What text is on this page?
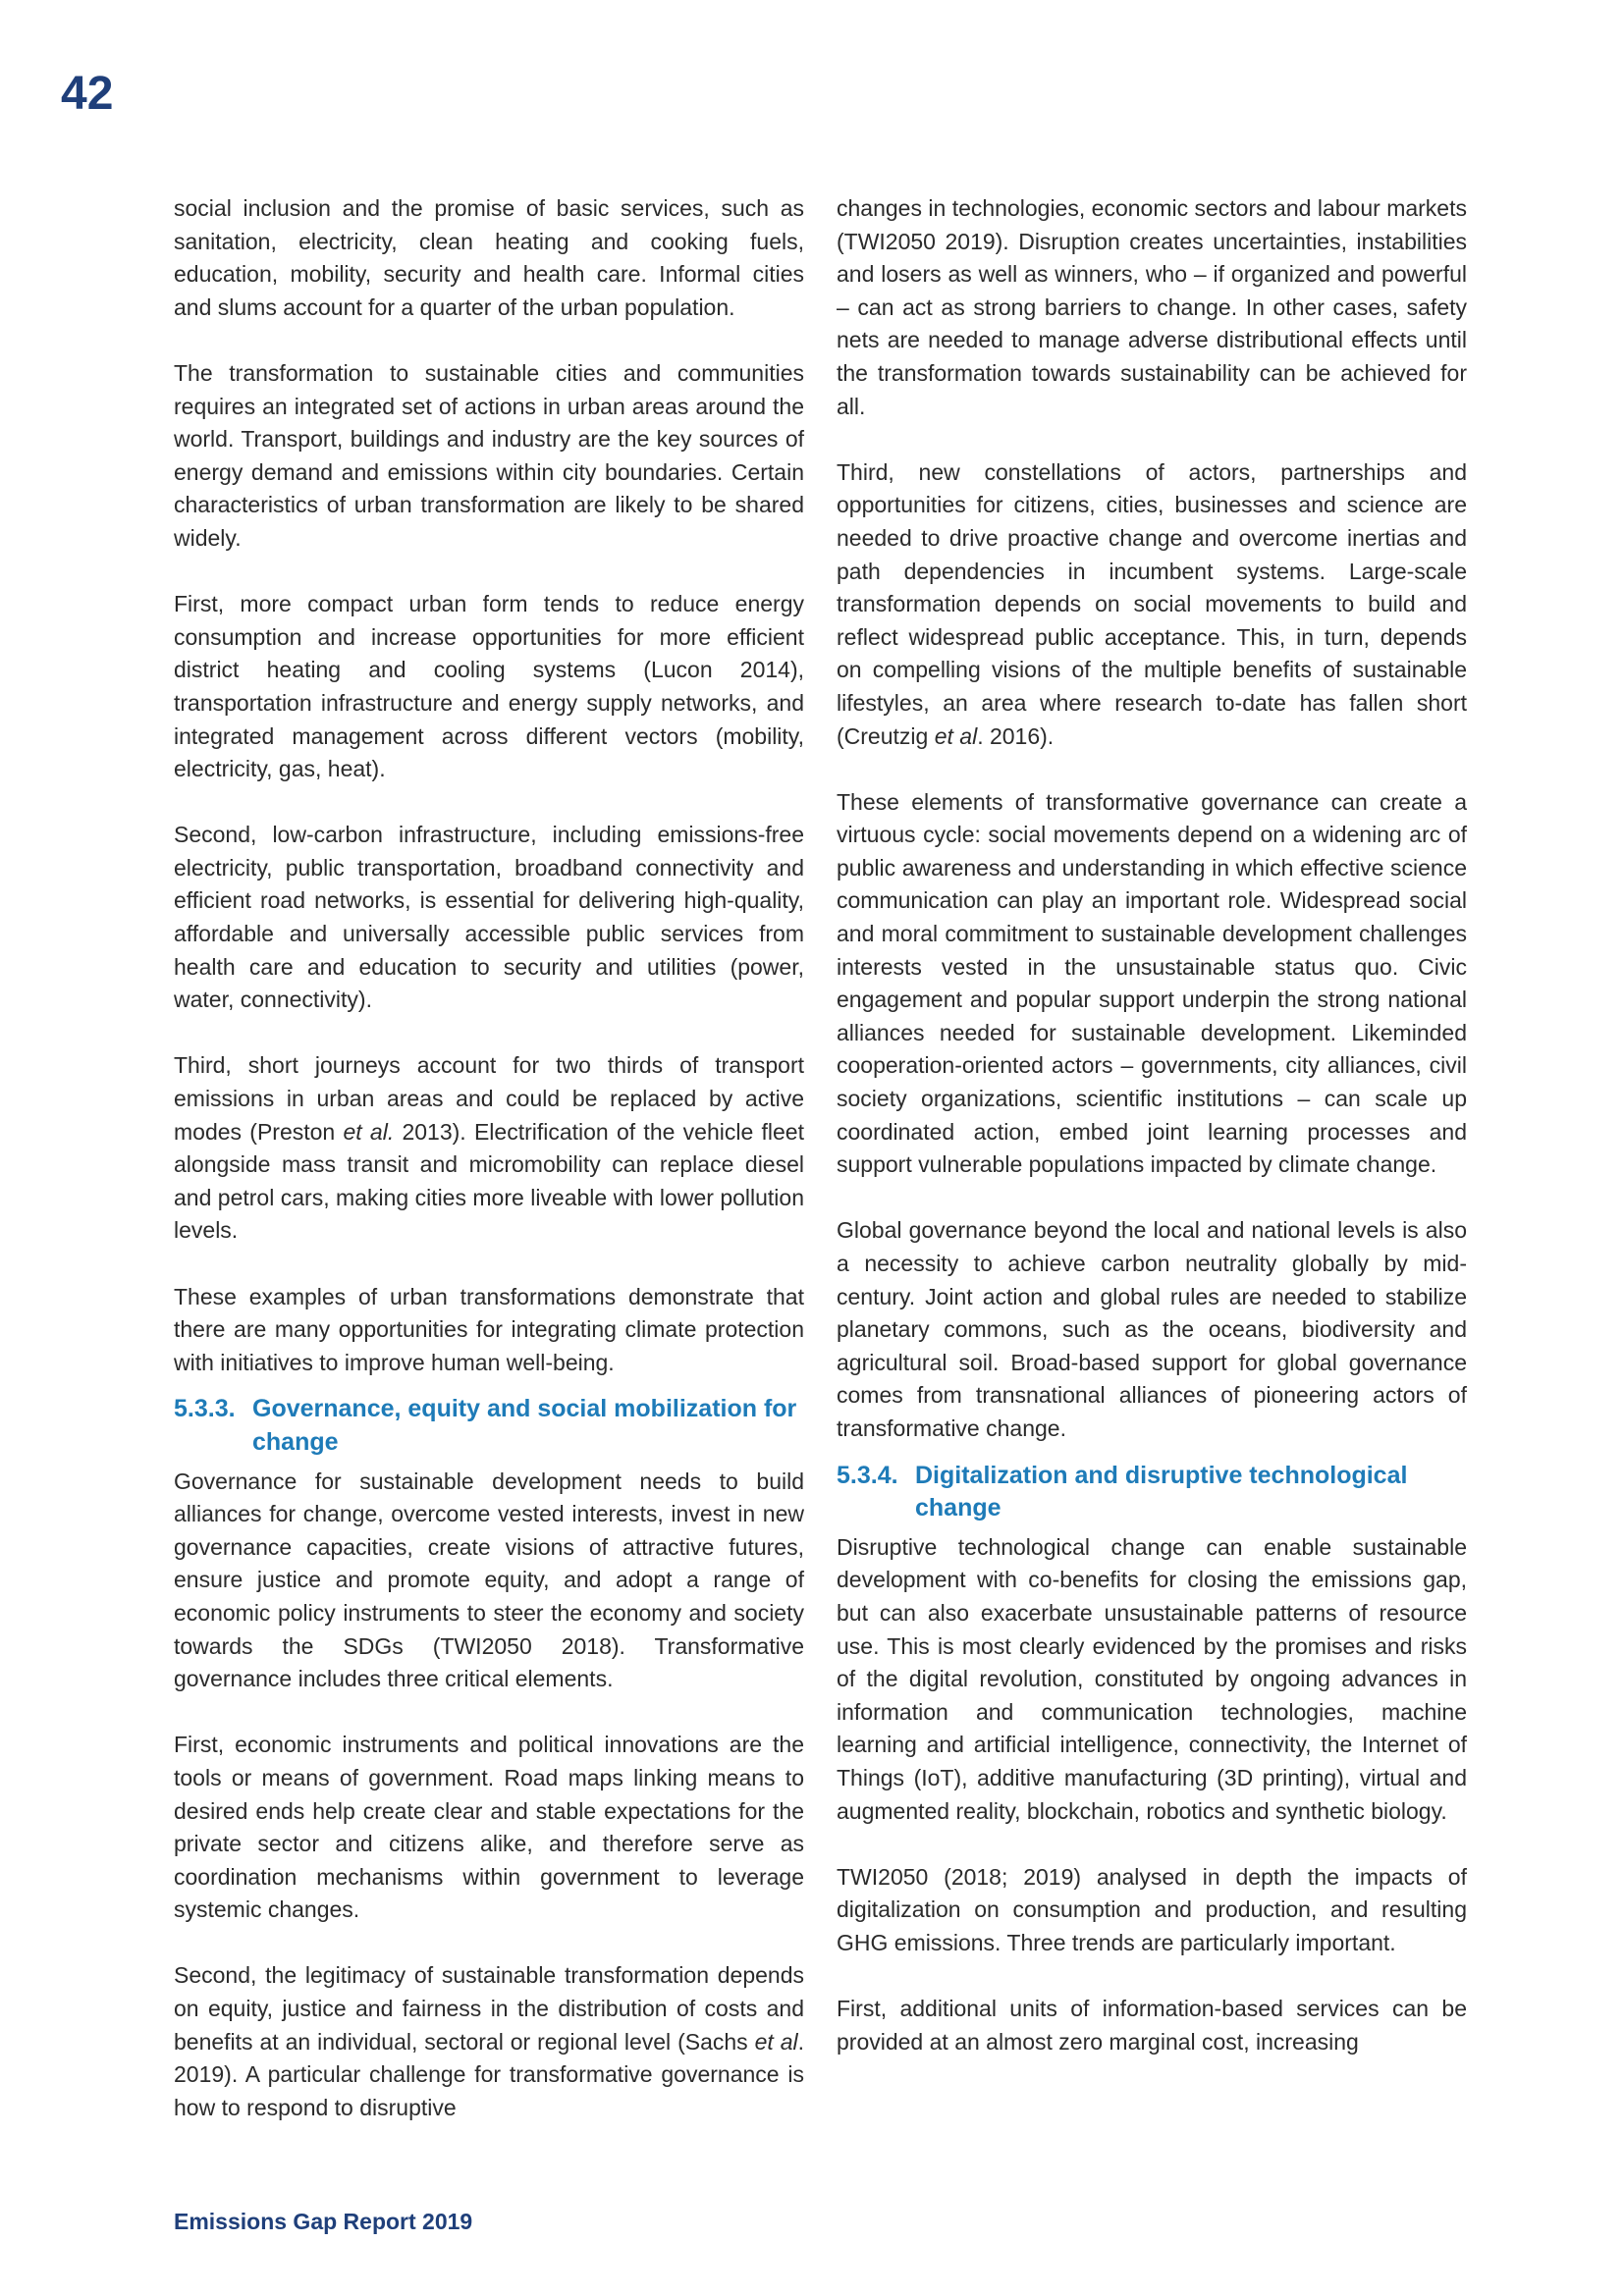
42

social inclusion and the promise of basic services, such as sanitation, electricity, clean heating and cooking fuels, education, mobility, security and health care. Informal cities and slums account for a quarter of the urban population.

The transformation to sustainable cities and communities requires an integrated set of actions in urban areas around the world. Transport, buildings and industry are the key sources of energy demand and emissions within city boundaries. Certain characteristics of urban transformation are likely to be shared widely.

First, more compact urban form tends to reduce energy consumption and increase opportunities for more efficient district heating and cooling systems (Lucon 2014), transportation infrastructure and energy supply networks, and integrated management across different vectors (mobility, electricity, gas, heat).

Second, low-carbon infrastructure, including emissions-free electricity, public transportation, broadband connectivity and efficient road networks, is essential for delivering high-quality, affordable and universally accessible public services from health care and education to security and utilities (power, water, connectivity).

Third, short journeys account for two thirds of transport emissions in urban areas and could be replaced by active modes (Preston et al. 2013). Electrification of the vehicle fleet alongside mass transit and micromobility can replace diesel and petrol cars, making cities more liveable with lower pollution levels.

These examples of urban transformations demonstrate that there are many opportunities for integrating climate protection with initiatives to improve human well-being.

5.3.3. Governance, equity and social mobilization for change

Governance for sustainable development needs to build alliances for change, overcome vested interests, invest in new governance capacities, create visions of attractive futures, ensure justice and promote equity, and adopt a range of economic policy instruments to steer the economy and society towards the SDGs (TWI2050 2018). Transformative governance includes three critical elements.

First, economic instruments and political innovations are the tools or means of government. Road maps linking means to desired ends help create clear and stable expectations for the private sector and citizens alike, and therefore serve as coordination mechanisms within government to leverage systemic changes.

Second, the legitimacy of sustainable transformation depends on equity, justice and fairness in the distribution of costs and benefits at an individual, sectoral or regional level (Sachs et al. 2019). A particular challenge for transformative governance is how to respond to disruptive

changes in technologies, economic sectors and labour markets (TWI2050 2019). Disruption creates uncertainties, instabilities and losers as well as winners, who – if organized and powerful – can act as strong barriers to change. In other cases, safety nets are needed to manage adverse distributional effects until the transformation towards sustainability can be achieved for all.

Third, new constellations of actors, partnerships and opportunities for citizens, cities, businesses and science are needed to drive proactive change and overcome inertias and path dependencies in incumbent systems. Large-scale transformation depends on social movements to build and reflect widespread public acceptance. This, in turn, depends on compelling visions of the multiple benefits of sustainable lifestyles, an area where research to-date has fallen short (Creutzig et al. 2016).

These elements of transformative governance can create a virtuous cycle: social movements depend on a widening arc of public awareness and understanding in which effective science communication can play an important role. Widespread social and moral commitment to sustainable development challenges interests vested in the unsustainable status quo. Civic engagement and popular support underpin the strong national alliances needed for sustainable development. Likeminded cooperation-oriented actors – governments, city alliances, civil society organizations, scientific institutions – can scale up coordinated action, embed joint learning processes and support vulnerable populations impacted by climate change.

Global governance beyond the local and national levels is also a necessity to achieve carbon neutrality globally by mid-century. Joint action and global rules are needed to stabilize planetary commons, such as the oceans, biodiversity and agricultural soil. Broad-based support for global governance comes from transnational alliances of pioneering actors of transformative change.

5.3.4. Digitalization and disruptive technological change

Disruptive technological change can enable sustainable development with co-benefits for closing the emissions gap, but can also exacerbate unsustainable patterns of resource use. This is most clearly evidenced by the promises and risks of the digital revolution, constituted by ongoing advances in information and communication technologies, machine learning and artificial intelligence, connectivity, the Internet of Things (IoT), additive manufacturing (3D printing), virtual and augmented reality, blockchain, robotics and synthetic biology.

TWI2050 (2018; 2019) analysed in depth the impacts of digitalization on consumption and production, and resulting GHG emissions. Three trends are particularly important.

First, additional units of information-based services can be provided at an almost zero marginal cost, increasing

Emissions Gap Report 2019
